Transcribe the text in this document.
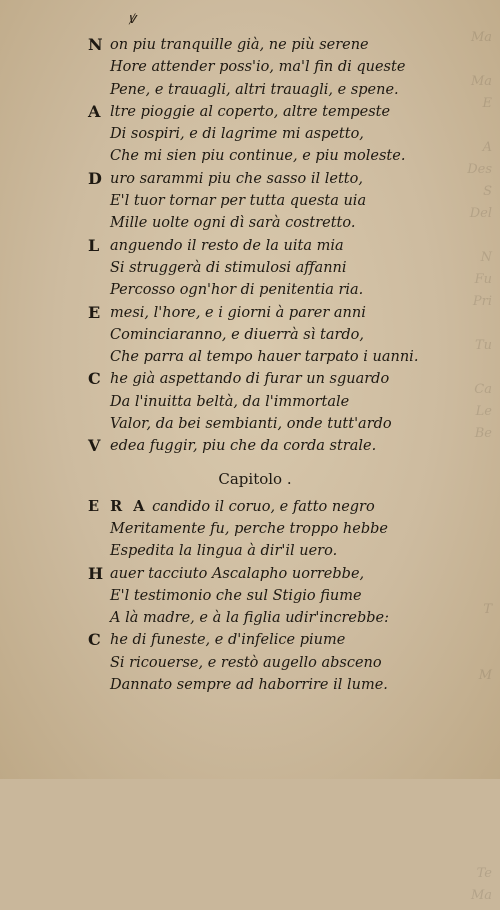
ꝟ
Ma
Ma
E
A
Des
S
Del
N
Fu
Pri
Tu
Ca
Le
Be
T
M
Te
Ma
N on piu tranquille già, ne più serene
Hore attender poss'io, ma'l fin di queste
Pene, e trauagli, altri trauagli, e spene.
A ltre pioggie al coperto, altre tempeste
Di sospiri, e di lagrime mi aspetto,
Che mi sien piu continue, e piu moleste.
D uro sarammi piu che sasso il letto,
E'l tuor tornar per tutta questa uia
Mille uolte ogni dì sarà costretto.
L anguendo il resto de la uita mia
Si struggerà di stimulosi affanni
Percosso ogn'hor di penitentia ria.
E mesi, l'hore, e i giorni à parer anni
Cominciaranno, e diuerrà sì tardo,
Che parra al tempo hauer tarpato i uanni.
C he già aspettando di furar un sguardo
Da l'inuitta beltà, da l'immortale
Valor, da bei sembianti, onde tutt'ardo
V edea fuggir, piu che da corda strale.
Capitolo .
E R A candido il coruo, e fatto negro
Meritamente fu, perche troppo hebbe
Espedita la lingua à dir'il uero.
H auer tacciuto Ascalapho uorrebbe,
E'l testimonio che sul Stigio fiume
A là madre, e à la figlia udir'increbbe:
C he di funeste, e d'infelice piume
Si ricouerse, e restò augello absceno
Dannato sempre ad haborrire il lume.
